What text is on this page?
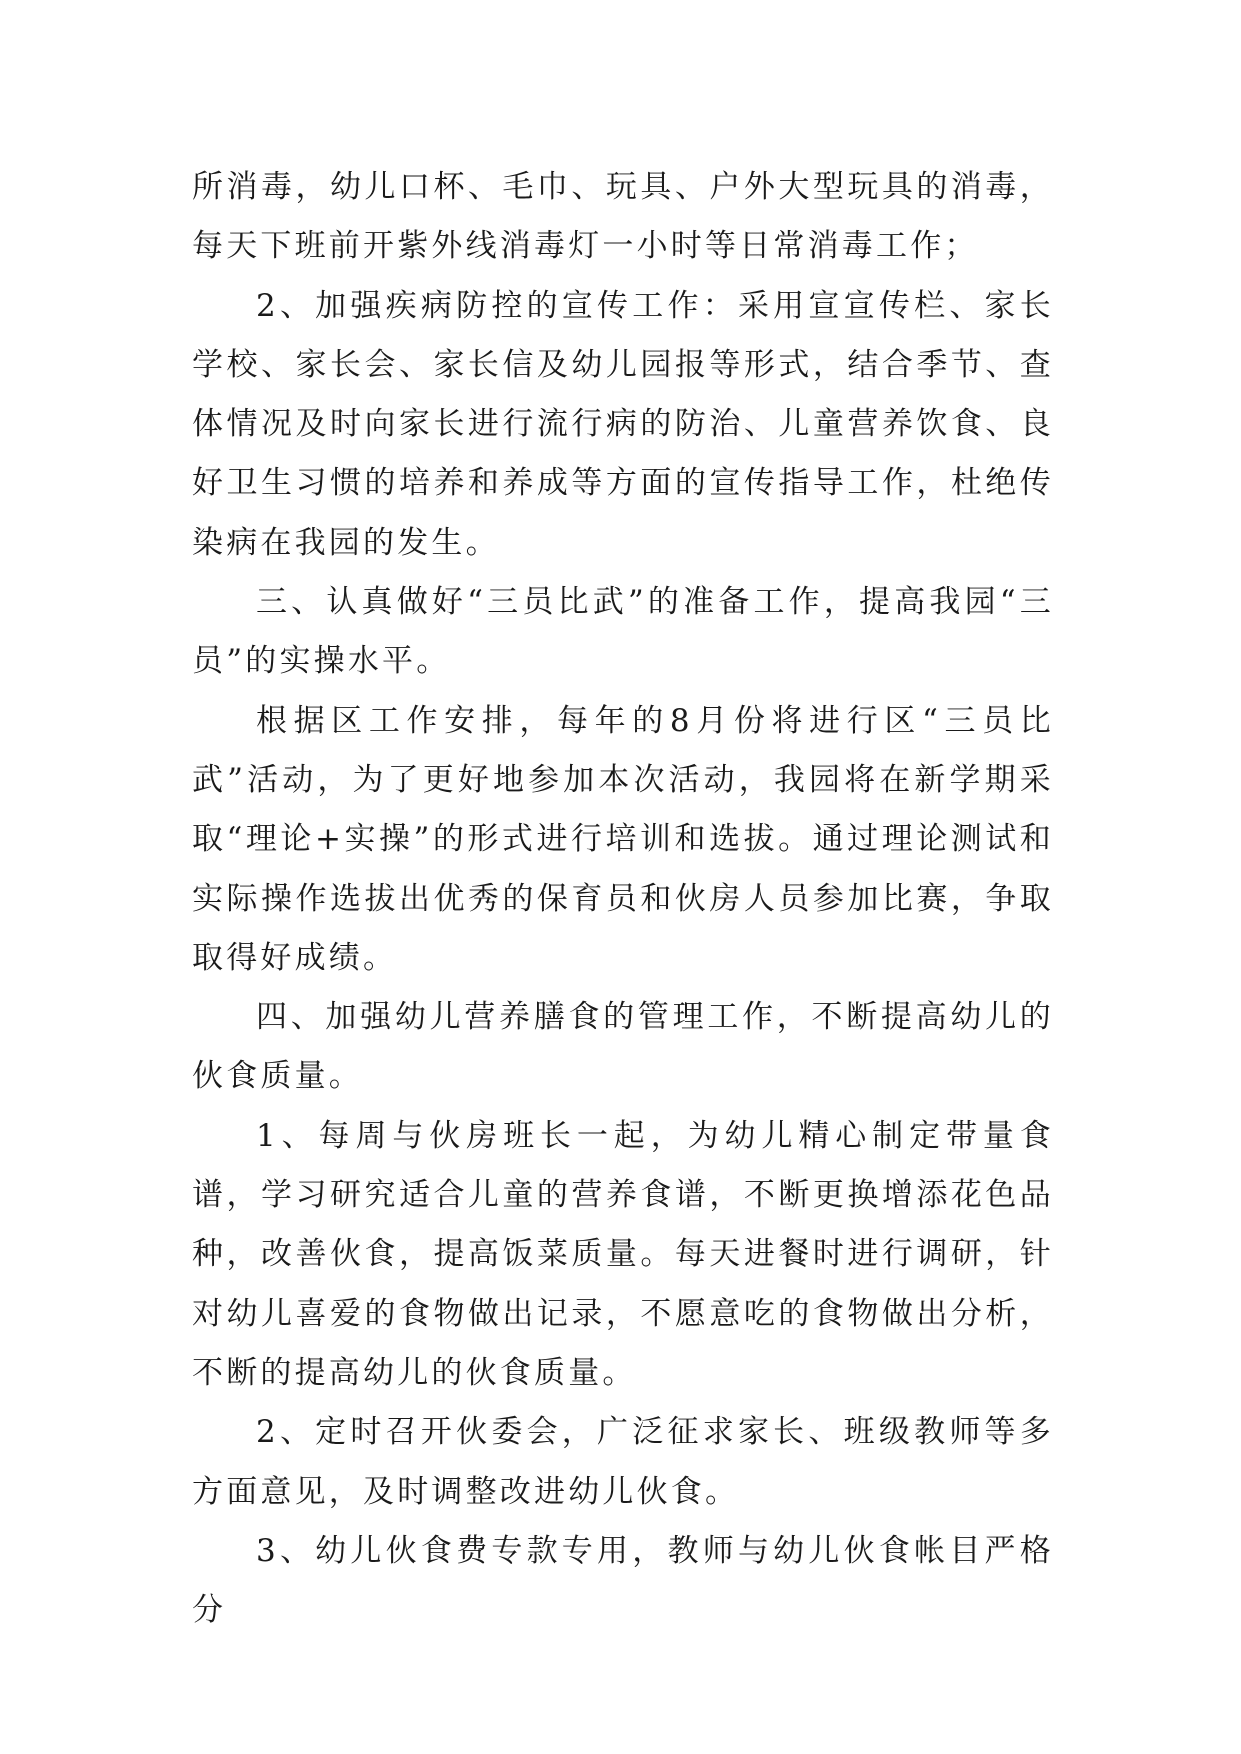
所消毒，幼儿口杯、毛巾、玩具、户外大型玩具的消毒，每天下班前开紫外线消毒灯一小时等日常消毒工作；

2、加强疾病防控的宣传工作：采用宣宣传栏、家长学校、家长会、家长信及幼儿园报等形式，结合季节、查体情况及时向家长进行流行病的防治、儿童营养饮食、良好卫生习惯的培养和养成等方面的宣传指导工作，杜绝传染病在我园的发生。

三、认真做好“三员比武”的准备工作，提高我园“三员”的实操水平。

根据区工作安排，每年的8月份将进行区“三员比武”活动，为了更好地参加本次活动，我园将在新学期采取“理论+实操”的形式进行培训和选拔。通过理论测试和实际操作选拔出优秀的保育员和伙房人员参加比赛，争取取得好成绩。

四、加强幼儿营养膳食的管理工作，不断提高幼儿的伙食质量。

1、每周与伙房班长一起，为幼儿精心制定带量食谱，学习研究适合儿童的营养食谱，不断更换增添花色品种，改善伙食，提高饭菜质量。每天进餐时进行调研，针对幼儿喜爱的食物做出记录，不愿意吃的食物做出分析，不断的提高幼儿的伙食质量。

2、定时召开伙委会，广泛征求家长、班级教师等多方面意见，及时调整改进幼儿伙食。

3、幼儿伙食费专款专用，教师与幼儿伙食帐目严格分
